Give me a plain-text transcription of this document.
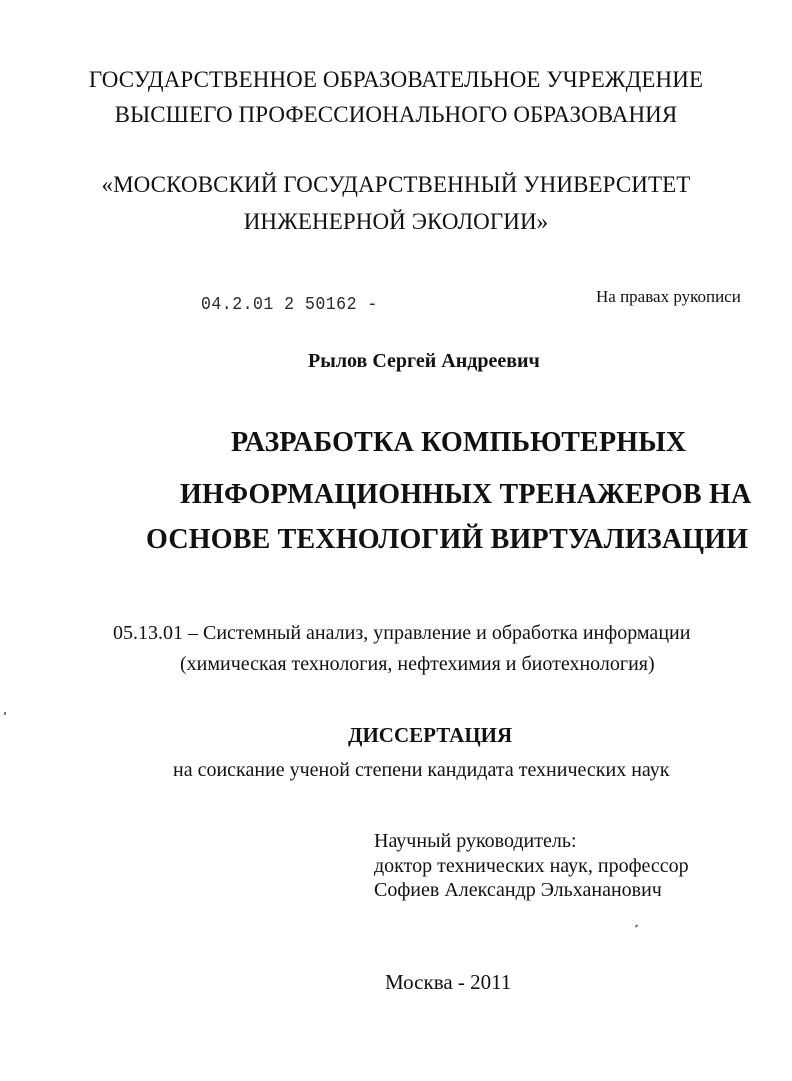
ГОСУДАРСТВЕННОЕ ОБРАЗОВАТЕЛЬНОЕ УЧРЕЖДЕНИЕ
ВЫСШЕГО ПРОФЕССИОНАЛЬНОГО ОБРАЗОВАНИЯ
«МОСКОВСКИЙ ГОСУДАРСТВЕННЫЙ УНИВЕРСИТЕТ
ИНЖЕНЕРНОЙ ЭКОЛОГИИ»
04.2.01 2 50162 -	На правах рукописи
Рылов Сергей Андреевич
РАЗРАБОТКА КОМПЬЮТЕРНЫХ
ИНФОРМАЦИОННЫХ ТРЕНАЖЕРОВ НА
ОСНОВЕ ТЕХНОЛОГИЙ ВИРТУАЛИЗАЦИИ
05.13.01 – Системный анализ, управление и обработка информации
(химическая технология, нефтехимия и биотехнология)
ДИССЕРТАЦИЯ
на соискание ученой степени кандидата технических наук
Научный руководитель:
доктор технических наук, профессор
Софиев Александр Эльхананович
Москва - 2011
